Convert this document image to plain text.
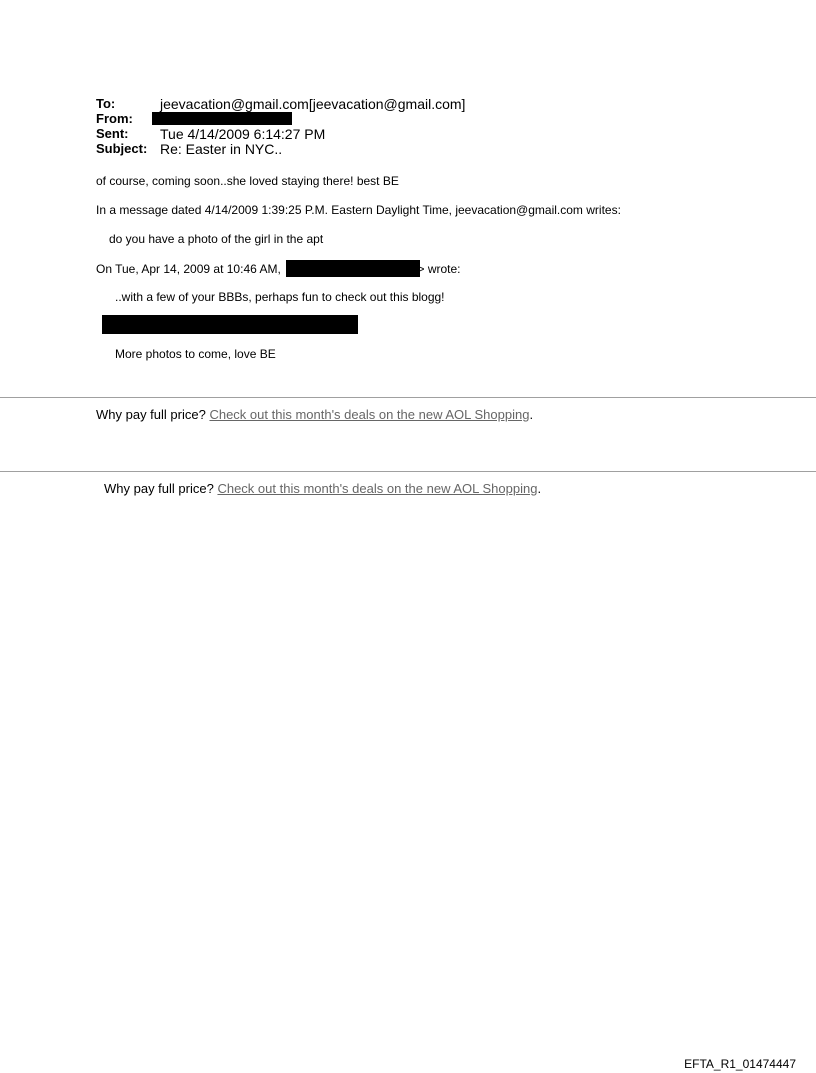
To:	jeevacation@gmail.com[jeevacation@gmail.com]
From:
Sent:	Tue 4/14/2009 6:14:27 PM
Subject: Re: Easter in NYC..
of course, coming soon..she loved staying there! best BE
In a message dated 4/14/2009 1:39:25 P.M. Eastern Daylight Time, jeevacation@gmail.com writes:
do you have a photo of the girl in the apt
On Tue, Apr 14, 2009 at 10:46 AM,	> wrote:
..with a few of your BBBs, perhaps fun to check out this blogg!
More photos to come, love BE
Why pay full price? Check out this month's deals on the new AOL Shopping.
Why pay full price? Check out this month's deals on the new AOL Shopping.
EFTA_R1_01474447
